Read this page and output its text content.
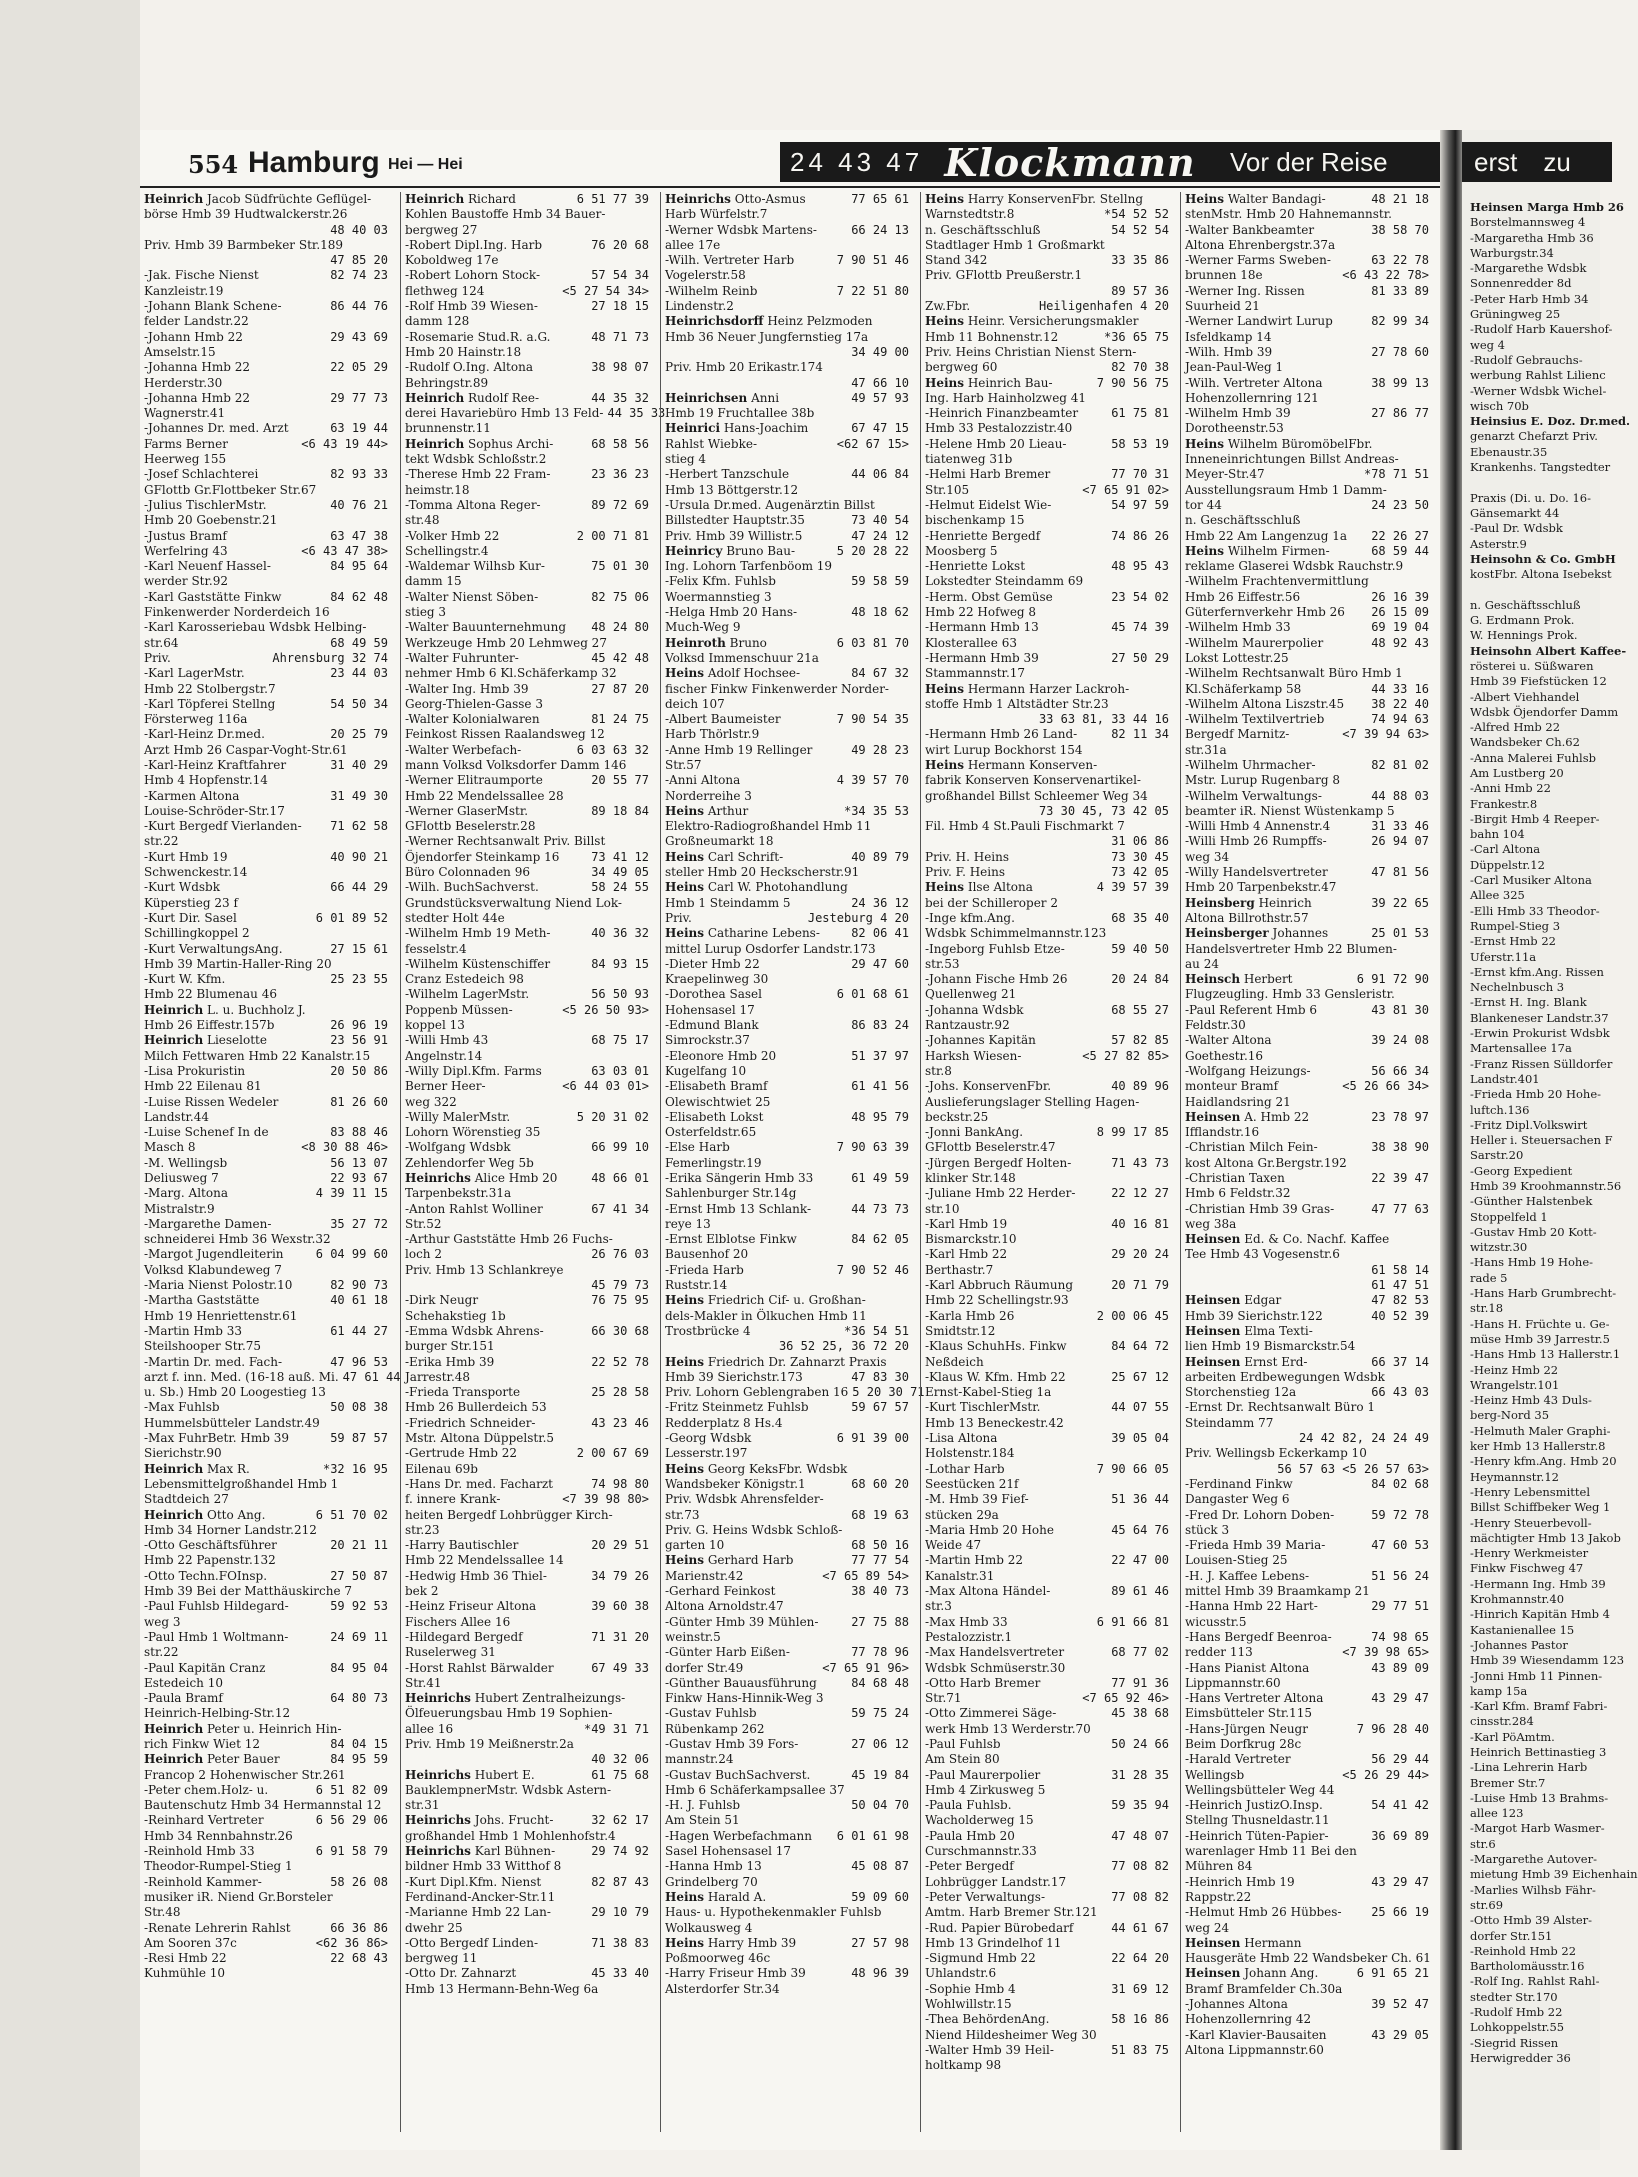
554 Hamburg Hei — Hei	24 43 47 Klockmann	Vor der Reise
Heinrich Jacob Südfrüchte Geflügel-
börse Hmb 39 Hudtwalckerstr.26
48 40 03
Priv. Hmb 39 Barmbeker Str.189
47 85 20
-Jak. Fische Nienst	82 74 23
Kanzleistr.19
-Johann Blank Schene-	86 44 76
felder Landstr.22
-Johann Hmb 22	29 43 69
Amselstr.15
-Johanna Hmb 22	22 05 29
Herderstr.30
-Johanna Hmb 22	29 77 73
Wagnerstr.41
-Johannes Dr. med. Arzt	63 19 44
Farms Berner	<6 43 19 44>
Heerweg 155
-Josef Schlachterei	82 93 33
GFlottb Gr.Flottbeker Str.67
-Julius TischlerMstr.	40 76 21
Hmb 20 Goebenstr.21
-Justus Bramf	63 47 38
Werfelring 43	<6 43 47 38>
-Karl Neuenf Hassel-	84 95 64
werder Str.92
-Karl Gaststätte Finkw	84 62 48
Finkenwerder Norderdeich 16
-Karl Karosseriebau Wdsbk Helbing-
str.64	68 49 59
Priv.	Ahrensburg 32 74
-Karl LagerMstr.	23 44 03
Hmb 22 Stolbergstr.7
-Karl Töpferei Stellng	54 50 34
Försterweg 116a
-Karl-Heinz Dr.med.	20 25 79
Arzt Hmb 26 Caspar-Voght-Str.61
-Karl-Heinz Kraftfahrer	31 40 29
Hmb 4 Hopfenstr.14
-Karmen Altona	31 49 30
Louise-Schröder-Str.17
-Kurt Bergedf Vierlanden-	71 62 58
str.22
-Kurt Hmb 19	40 90 21
Schwenckestr.14
-Kurt Wdsbk	66 44 29
Küperstieg 23 f
-Kurt Dir. Sasel	6 01 89 52
Schillingkoppel 2
-Kurt VerwaltungsAng.	27 15 61
Hmb 39 Martin-Haller-Ring 20
-Kurt W. Kfm.	25 23 55
Hmb 22 Blumenau 46
Heinrich L. u. Buchholz J.
Hmb 26 Eiffestr.157b	26 96 19
Heinrich Lieselotte	23 56 91
Milch Fettwaren Hmb 22 Kanalstr.15
-Lisa Prokuristin	20 50 86
Hmb 22 Eilenau 81
-Luise Rissen Wedeler	81 26 60
Landstr.44
-Luise Schenef In de	83 88 46
Masch 8	<8 30 88 46>
-M. Wellingsb	56 13 07
Deliusweg 7	22 93 67
-Marg. Altona	4 39 11 15
Mistralstr.9
-Margarethe Damen-	35 27 72
schneiderei Hmb 36 Wexstr.32
-Margot Jugendleiterin	6 04 99 60
Volksd Klabundeweg 7
-Maria Nienst Polostr.10	82 90 73
-Martha Gaststätte	40 61 18
Hmb 19 Henriettenstr.61
-Martin Hmb 33	61 44 27
Steilshooper Str.75
-Martin Dr. med. Fach-	47 96 53
arzt f. inn. Med. (16-18 auß. Mi. 47 61 44
u. Sb.) Hmb 20 Loogestieg 13
-Max Fuhlsb	50 08 38
Hummelsbütteler Landstr.49
-Max FuhrBetr. Hmb 39	59 87 57
Sierichstr.90
Heinrich Max R.	*32 16 95
Lebensmittelgroßhandel Hmb 1
Stadtdeich 27
Heinrich Otto Ang.	6 51 70 02
Hmb 34 Horner Landstr.212
-Otto Geschäftsführer	20 21 11
Hmb 22 Papenstr.132
-Otto Techn.FOInsp.	27 50 87
Hmb 39 Bei der Matthäuskirche 7
-Paul Fuhlsb Hildegard-	59 92 53
weg 3
-Paul Hmb 1 Woltmann-	24 69 11
str.22
-Paul Kapitän Cranz	84 95 04
Estedeich 10
-Paula Bramf	64 80 73
Heinrich-Helbing-Str.12
Heinrich Peter u. Heinrich Hin-
rich Finkw Wiet 12	84 04 15
Heinrich Peter Bauer	84 95 59
Francop 2 Hohenwischer Str.261
-Peter chem.Holz- u.	6 51 82 09
Bautenschutz Hmb 34 Hermannstal 12
-Reinhard Vertreter	6 56 29 06
Hmb 34 Rennbahnstr.26
-Reinhold Hmb 33	6 91 58 79
Theodor-Rumpel-Stieg 1
-Reinhold Kammer-	58 26 08
musiker iR. Niend Gr.Borsteler
Str.48
-Renate Lehrerin Rahlst	66 36 86
Am Sooren 37c	<62 36 86>
-Resi Hmb 22	22 68 43
Kuhmühle 10
Heinrich Richard	6 51 77 39
Kohlen Baustoffe Hmb 34 Bauer-
bergweg 27
-Robert Dipl.Ing. Harb	76 20 68
Koboldweg 17e
-Robert Lohorn Stock-	57 54 34
flethweg 124	<5 27 54 34>
-Rolf Hmb 39 Wiesen-	27 18 15
damm 128
-Rosemarie Stud.R. a.G.	48 71 73
Hmb 20 Hainstr.18
-Rudolf O.Ing. Altona	38 98 07
Behringstr.89
Heinrich Rudolf Ree-	44 35 32
derei Havariebüro Hmb 13 Feld- 44 35 33
brunnenstr.11
Heinrich Sophus Archi-	68 58 56
tekt Wdsbk Schloßstr.2
-Therese Hmb 22 Fram-	23 36 23
heimstr.18
-Tomma Altona Reger-	89 72 69
str.48
-Volker Hmb 22	2 00 71 81
Schellingstr.4
-Waldemar Wilhsb Kur-	75 01 30
damm 15
-Walter Nienst Söben-	82 75 06
stieg 3
-Walter Bauunternehmung	48 24 80
Werkzeuge Hmb 20 Lehmweg 27
-Walter Fuhrunter-	45 42 48
nehmer Hmb 6 Kl.Schäferkamp 32
-Walter Ing. Hmb 39	27 87 20
Georg-Thielen-Gasse 3
-Walter Kolonialwaren	81 24 75
Feinkost Rissen Raalandsweg 12
-Walter Werbefach-	6 03 63 32
mann Volksd Volksdorfer Damm 146
-Werner Elitraumporte	20 55 77
Hmb 22 Mendelssallee 28
-Werner GlaserMstr.	89 18 84
GFlottb Beselerstr.28
-Werner Rechtsanwalt Priv. Billst
Öjendorfer Steinkamp 16	73 41 12
Büro Colonnaden 96	34 49 05
-Wilh. BuchSachverst.	58 24 55
Grundstücksverwaltung Niend Lok-
stedter Holt 44e
-Wilhelm Hmb 19 Meth-	40 36 32
fesselstr.4
-Wilhelm Küstenschiffer	84 93 15
Cranz Estedeich 98
-Wilhelm LagerMstr.	56 50 93
Poppenb Müssen-	<5 26 50 93>
koppel 13
-Willi Hmb 43	68 75 17
Angelnstr.14
-Willy Dipl.Kfm. Farms	63 03 01
Berner Heer-	<6 44 03 01>
weg 322
-Willy MalerMstr.	5 20 31 02
Lohorn Wörenstieg 35
-Wolfgang Wdsbk	66 99 10
Zehlendorfer Weg 5b
Heinrichs Alice Hmb 20	48 66 01
Tarpenbekstr.31a
-Anton Rahlst Wolliner	67 41 34
Str.52
-Arthur Gaststätte Hmb 26 Fuchs-
loch 2	26 76 03
Priv. Hmb 13 Schlankreye
45 79 73
-Dirk Neugr	76 75 95
Schehakstieg 1b
-Emma Wdsbk Ahrens-	66 30 68
burger Str.151
-Erika Hmb 39	22 52 78
Jarrestr.48
-Frieda Transporte	25 28 58
Hmb 26 Bullerdeich 53
-Friedrich Schneider-	43 23 46
Mstr. Altona Düppelstr.5
-Gertrude Hmb 22	2 00 67 69
Eilenau 69b
-Hans Dr. med. Facharzt	74 98 80
f. innere Krank-	<7 39 98 80>
heiten Bergedf Lohbrügger Kirch-
str.23
-Harry Bautischler	20 29 51
Hmb 22 Mendelssallee 14
-Hedwig Hmb 36 Thiel-	34 79 26
bek 2
-Heinz Friseur Altona	39 60 38
Fischers Allee 16
-Hildegard Bergedf	71 31 20
Ruselerweg 31
-Horst Rahlst Bärwalder	67 49 33
Str.41
Heinrichs Hubert Zentralheizungs-
Ölfeuerungsbau Hmb 19 Sophien-
allee 16	*49 31 71
Priv. Hmb 19 Meißnerstr.2a
40 32 06
Heinrichs Hubert E.	61 75 68
BauklempnerMstr. Wdsbk Astern-
str.31
Heinrichs Johs. Frucht-	32 62 17
großhandel Hmb 1 Mohlenhofstr.4
Heinrichs Karl Bühnen-	29 74 92
bildner Hmb 33 Witthof 8
-Kurt Dipl.Kfm. Nienst	82 87 43
Ferdinand-Ancker-Str.11
-Marianne Hmb 22 Lan-	29 10 79
dwehr 25
-Otto Bergedf Linden-	71 38 83
bergweg 11
-Otto Dr. Zahnarzt	45 33 40
Hmb 13 Hermann-Behn-Weg 6a
Heinrichs Otto-Asmus	77 65 61
Harb Würfelstr.7
-Werner Wdsbk Martens-	66 24 13
allee 17e
-Wilh. Vertreter Harb	7 90 51 46
Vogelerstr.58
-Wilhelm Reinb	7 22 51 80
Lindenstr.2
Heinrichsdorff Heinz Pelzmoden
Hmb 36 Neuer Jungfernstieg 17a
34 49 00
Priv. Hmb 20 Erikastr.174
47 66 10
Heinrichsen Anni	49 57 93
Hmb 19 Fruchtallee 38b
Heinrici Hans-Joachim	67 47 15
Rahlst Wiebke-	<62 67 15>
stieg 4
-Herbert Tanzschule	44 06 84
Hmb 13 Böttgerstr.12
-Ursula Dr.med. Augenärztin Billst
Billstedter Hauptstr.35	73 40 54
Priv. Hmb 39 Willistr.5	47 24 12
Heinricy Bruno Bau-	5 20 28 22
Ing. Lohorn Tarfenböom 19
-Felix Kfm. Fuhlsb	59 58 59
Woermannstieg 3
-Helga Hmb 20 Hans-	48 18 62
Much-Weg 9
Heinroth Bruno	6 03 81 70
Volksd Immenschuur 21a
Heins Adolf Hochsee-	84 67 32
fischer Finkw Finkenwerder Norder-
deich 107
-Albert Baumeister	7 90 54 35
Harb Thörlstr.9
-Anne Hmb 19 Rellinger	49 28 23
Str.57
-Anni Altona	4 39 57 70
Norderreihe 3
Heins Arthur	*34 35 53
Elektro-Radiogroßhandel Hmb 11
Großneumarkt 18
Heins Carl Schrift-	40 89 79
steller Hmb 20 Heckscherstr.91
Heins Carl W. Photohandlung
Hmb 1 Steindamm 5	24 36 12
Priv.	Jesteburg 4 20
Heins Catharine Lebens-	82 06 41
mittel Lurup Osdorfer Landstr.173
-Dieter Hmb 22	29 47 60
Kraepelinweg 30
-Dorothea Sasel	6 01 68 61
Hohensasel 17
-Edmund Blank	86 83 24
Simrockstr.37
-Eleonore Hmb 20	51 37 97
Kugelfang 10
-Elisabeth Bramf	61 41 56
Olewischtwiet 25
-Elisabeth Lokst	48 95 79
Osterfeldstr.65
-Else Harb	7 90 63 39
Femerlingstr.19
-Erika Sängerin Hmb 33	61 49 59
Sahlenburger Str.14g
-Ernst Hmb 13 Schlank-	44 73 73
reye 13
-Ernst Elblotse Finkw	84 62 05
Bausenhof 20
-Frieda Harb	7 90 52 46
Ruststr.14
Heins Friedrich Cif- u. Großhan-
dels-Makler in Ölkuchen Hmb 11
Trostbrücke 4	*36 54 51
36 52 25, 36 72 20
Heins Friedrich Dr. Zahnarzt Praxis
Hmb 39 Sierichstr.173	47 83 30
Priv. Lohorn Geblengraben 16 5 20 30 71
-Fritz Steinmetz Fuhlsb	59 67 57
Redderplatz 8 Hs.4
-Georg Wdsbk	6 91 39 00
Lesserstr.197
Heins Georg KeksFbr. Wdsbk
Wandsbeker Königstr.1	68 60 20
Priv. Wdsbk Ahrensfelder-
str.73	68 19 63
Priv. G. Heins Wdsbk Schloß-
garten 10	68 50 16
Heins Gerhard Harb	77 77 54
Marienstr.42	<7 65 89 54>
-Gerhard Feinkost	38 40 73
Altona Arnoldstr.47
-Günter Hmb 39 Mühlen-	27 75 88
weinstr.5
-Günter Harb Eißen-	77 78 96
dorfer Str.49	<7 65 91 96>
-Günther Bauausführung	84 68 48
Finkw Hans-Hinnik-Weg 3
-Gustav Fuhlsb	59 75 24
Rübenkamp 262
-Gustav Hmb 39 Fors-	27 06 12
mannstr.24
-Gustav BuchSachverst.	45 19 84
Hmb 6 Schäferkampsallee 37
-H. J. Fuhlsb	50 04 70
Am Stein 51
-Hagen Werbefachmann	6 01 61 98
Sasel Hohensasel 17
-Hanna Hmb 13	45 08 87
Grindelberg 70
Heins Harald A.	59 09 60
Haus- u. Hypothekenmakler Fuhlsb
Wolkausweg 4
Heins Harry Hmb 39	27 57 98
Poßmoorweg 46c
-Harry Friseur Hmb 39	48 96 39
Alsterdorfer Str.34
Heins Harry KonservenFbr. Stellng
Warnstedtstr.8	*54 52 52
n. Geschäftsschluß	54 52 54
Stadtlager Hmb 1 Großmarkt
Stand 342	33 35 86
Priv. GFlottb Preußerstr.1
89 57 36
Zw.Fbr.	Heiligenhafen 4 20
Heins Heinr. Versicherungsmakler
Hmb 11 Bohnenstr.12	*36 65 75
Priv. Heins Christian Nienst Stern-
bergweg 60	82 70 38
Heins Heinrich Bau-	7 90 56 75
Ing. Harb Hainholzweg 41
-Heinrich Finanzbeamter	61 75 81
Hmb 33 Pestalozzistr.40
-Helene Hmb 20 Lieau-	58 53 19
tiatenweg 31b
-Helmi Harb Bremer	77 70 31
Str.105	<7 65 91 02>
-Helmut Eidelst Wie-	54 97 59
bischenkamp 15
-Henriette Bergedf	74 86 26
Moosberg 5
-Henriette Lokst	48 95 43
Lokstedter Steindamm 69
-Herm. Obst Gemüse	23 54 02
Hmb 22 Hofweg 8
-Hermann Hmb 13	45 74 39
Klosterallee 63
-Hermann Hmb 39	27 50 29
Stammannstr.17
Heins Hermann Harzer Lackroh-
stoffe Hmb 1 Altstädter Str.23
33 63 81, 33 44 16
-Hermann Hmb 26 Land-	82 11 34
wirt Lurup Bockhorst 154
Heins Hermann Konserven-
fabrik Konserven Konservenartikel-
großhandel Billst Schleemer Weg 34
73 30 45, 73 42 05
Fil. Hmb 4 St.Pauli Fischmarkt 7
31 06 86
Priv. H. Heins	73 30 45
Priv. F. Heins	73 42 05
Heins Ilse Altona	4 39 57 39
bei der Schilleroper 2
-Inge kfm.Ang.	68 35 40
Wdsbk Schimmelmannstr.123
-Ingeborg Fuhlsb Etze-	59 40 50
str.53
-Johann Fische Hmb 26	20 24 84
Quellenweg 21
-Johanna Wdsbk	68 55 27
Rantzaustr.92
-Johannes Kapitän	57 82 85
Harksh Wiesen-	<5 27 82 85>
str.8
-Johs. KonservenFbr.	40 89 96
Auslieferungslager Stelling Hagen-
beckstr.25
-Jonni BankAng.	8 99 17 85
GFlottb Beselerstr.47
-Jürgen Bergedf Holten-	71 43 73
klinker Str.148
-Juliane Hmb 22 Herder-	22 12 27
str.10
-Karl Hmb 19	40 16 81
Bismarckstr.10
-Karl Hmb 22	29 20 24
Berthastr.7
-Karl Abbruch Räumung	20 71 79
Hmb 22 Schellingstr.93
-Karla Hmb 26	2 00 06 45
Smidtstr.12
-Klaus SchuhHs. Finkw	84 64 72
Neßdeich
-Klaus W. Kfm. Hmb 22	25 67 12
Ernst-Kabel-Stieg 1a
-Kurt TischlerMstr.	44 07 55
Hmb 13 Beneckestr.42
-Lisa Altona	39 05 04
Holstenstr.184
-Lothar Harb	7 90 66 05
Seestücken 21f
-M. Hmb 39 Fief-	51 36 44
stücken 29a
-Maria Hmb 20 Hohe	45 64 76
Weide 47
-Martin Hmb 22	22 47 00
Kanalstr.31
-Max Altona Händel-	89 61 46
str.3
-Max Hmb 33	6 91 66 81
Pestalozzistr.1
-Max Handelsvertreter	68 77 02
Wdsbk Schmüserstr.30
-Otto Harb Bremer	77 91 36
Str.71	<7 65 92 46>
-Otto Zimmerei Säge-	45 38 68
werk Hmb 13 Werderstr.70
-Paul Fuhlsb	50 24 66
Am Stein 80
-Paul Maurerpolier	31 28 35
Hmb 4 Zirkusweg 5
-Paula Fuhlsb.	59 35 94
Wacholderweg 15
-Paula Hmb 20	47 48 07
Curschmannstr.33
-Peter Bergedf	77 08 82
Lohbrügger Landstr.17
-Peter Verwaltungs-	77 08 82
Amtm. Harb Bremer Str.121
-Rud. Papier Bürobedarf	44 61 67
Hmb 13 Grindelhof 11
-Sigmund Hmb 22	22 64 20
Uhlandstr.6
-Sophie Hmb 4	31 69 12
Wohlwillstr.15
-Thea BehördenAng.	58 16 86
Niend Hildesheimer Weg 30
-Walter Hmb 39 Heil-	51 83 75
holtkamp 98
Heins Walter Bandagi-	48 21 18
stenMstr. Hmb 20 Hahnemannstr.
-Walter Bankbeamter	38 58 70
Altona Ehrenbergstr.37a
-Werner Farms Sweben-	63 22 78
brunnen 18e	<6 43 22 78>
-Werner Ing. Rissen	81 33 89
Suurheid 21
-Werner Landwirt Lurup	82 99 34
Isfeldkamp 14
-Wilh. Hmb 39	27 78 60
Jean-Paul-Weg 1
-Wilh. Vertreter Altona	38 99 13
Hohenzollernring 121
-Wilhelm Hmb 39	27 86 77
Dorotheenstr.53
Heins Wilhelm BüromöbelFbr.
Inneneinrichtungen Billst Andreas-
Meyer-Str.47	*78 71 51
Ausstellungsraum Hmb 1 Damm-
tor 44	24 23 50
n. Geschäftsschluß
Hmb 22 Am Langenzug 1a	22 26 27
Heins Wilhelm Firmen-	68 59 44
reklame Glaserei Wdsbk Rauchstr.9
-Wilhelm Frachtenvermittlung
Hmb 26 Eiffestr.56	26 16 39
Güterfernverkehr Hmb 26	26 15 09
-Wilhelm Hmb 33	69 19 04
-Wilhelm Maurerpolier	48 92 43
Lokst Lottestr.25
-Wilhelm Rechtsanwalt Büro Hmb 1
Kl.Schäferkamp 58	44 33 16
-Wilhelm Altona Liszstr.45	38 22 40
-Wilhelm Textilvertrieb	74 94 63
Bergedf Marnitz-	<7 39 94 63>
str.31a
-Wilhelm Uhrmacher-	82 81 02
Mstr. Lurup Rugenbarg 8
-Wilhelm Verwaltungs-	44 88 03
beamter iR. Nienst Wüstenkamp 5
-Willi Hmb 4 Annenstr.4	31 33 46
-Willi Hmb 26 Rumpffs-	26 94 07
weg 34
-Willy Handelsvertreter	47 81 56
Hmb 20 Tarpenbekstr.47
Heinsberg Heinrich	39 22 65
Altona Billrothstr.57
Heinsberger Johannes	25 01 53
Handelsvertreter Hmb 22 Blumen-
au 24
Heinsch Herbert	6 91 72 90
Flugzeugling. Hmb 33 Gensleristr.
-Paul Referent Hmb 6	43 81 30
Feldstr.30
-Walter Altona	39 24 08
Goethestr.16
-Wolfgang Heizungs-	56 66 34
monteur Bramf	<5 26 66 34>
Haidlandsring 21
Heinsen A. Hmb 22	23 78 97
Ifflandstr.16
-Christian Milch Fein-	38 38 90
kost Altona Gr.Bergstr.192
-Christian Taxen	22 39 47
Hmb 6 Feldstr.32
-Christian Hmb 39 Gras-	47 77 63
weg 38a
Heinsen Ed. & Co. Nachf. Kaffee
Tee Hmb 43 Vogesenstr.6
61 58 14
61 47 51
Heinsen Edgar	47 82 53
Hmb 39 Sierichstr.122	40 52 39
Heinsen Elma Texti-
lien Hmb 19 Bismarckstr.54
Heinsen Ernst Erd-	66 37 14
arbeiten Erdbewegungen Wdsbk
Storchenstieg 12a	66 43 03
-Ernst Dr. Rechtsanwalt Büro 1
Steindamm 77
24 42 82, 24 24 49
Priv. Wellingsb Eckerkamp 10
56 57 63 <5 26 57 63>
-Ferdinand Finkw	84 02 68
Dangaster Weg 6
-Fred Dr. Lohorn Doben-	59 72 78
stück 3
-Frieda Hmb 39 Maria-	47 60 53
Louisen-Stieg 25
-H. J. Kaffee Lebens-	51 56 24
mittel Hmb 39 Braamkamp 21
-Hanna Hmb 22 Hart-	29 77 51
wicusstr.5
-Hans Bergedf Beenroa-	74 98 65
redder 113	<7 39 98 65>
-Hans Pianist Altona	43 89 09
Lippmannstr.60
-Hans Vertreter Altona	43 29 47
Eimsbütteler Str.115
-Hans-Jürgen Neugr	7 96 28 40
Beim Dorfkrug 28c
-Harald Vertreter	56 29 44
Wellingsb	<5 26 29 44>
Wellingsbütteler Weg 44
-Heinrich JustizO.Insp.	54 41 42
Stellng Thusneldastr.11
-Heinrich Tüten-Papier-	36 69 89
warenlager Hmb 11 Bei den
Mühren 84
-Heinrich Hmb 19	43 29 47
Rappstr.22
-Helmut Hmb 26 Hübbes-	25 66 19
weg 24
Heinsen Hermann
Hausgeräte Hmb 22 Wandsbeker Ch. 61
Heinsen Johann Ang.	6 91 65 21
Bramf Bramfelder Ch.30a
-Johannes Altona	39 52 47
Hohenzollernring 42
-Karl Klavier-Bausaiten	43 29 05
Altona Lippmannstr.60
erst zu
Heinsen Marga Hmb 26
Borstelmannsweg 4
-Margaretha Hmb 36
Warburgstr.34
-Margarethe Wdsbk
Sonnenredder 8d
-Peter Harb Hmb 34
Grüningweg 25
-Rudolf Harb Kauershof-
weg 4
-Rudolf Gebrauchs-
werbung Rahlst Lilienc
-Werner Wdsbk Wichel-
wisch 70b
Heinsius E. Doz. Dr.med.
genarzt Chefarzt Priv.
Ebenaustr.35
Krankenhs. Tangstedter

Praxis (Di. u. Do. 16-
Gänsemarkt 44
-Paul Dr. Wdsbk
Asterstr.9
Heinsohn & Co. GmbH
kostFbr. Altona Isebekst

n. Geschäftsschluß
G. Erdmann Prok.
W. Hennings Prok.
Heinsohn Albert Kaffee-
rösterei u. Süßwaren
Hmb 39 Fiefstücken 12
-Albert Viehhandel
Wdsbk Öjendorfer Damm
-Alfred Hmb 22
Wandsbeker Ch.62
-Anna Malerei Fuhlsb
Am Lustberg 20
-Anni Hmb 22
Frankestr.8
-Birgit Hmb 4 Reeper-
bahn 104
-Carl Altona
Düppelstr.12
-Carl Musiker Altona
Allee 325
-Elli Hmb 33 Theodor-
Rumpel-Stieg 3
-Ernst Hmb 22
Uferstr.11a
-Ernst kfm.Ang. Rissen
Nechelnbusch 3
-Ernst H. Ing. Blank
Blankeneser Landstr.37
-Erwin Prokurist Wdsbk
Martensallee 17a
-Franz Rissen Sülldorfer
Landstr.401
-Frieda Hmb 20 Hohe-
luftch.136
-Fritz Dipl.Volkswirt
Heller i. Steuersachen F
Sarstr.20
-Georg Expedient
Hmb 39 Kroohmannstr.56
-Günther Halstenbek
Stoppelfeld 1
-Gustav Hmb 20 Kott-
witzstr.30
-Hans Hmb 19 Hohe-
rade 5
-Hans Harb Grumbrecht-
str.18
-Hans H. Früchte u. Ge-
müse Hmb 39 Jarrestr.5
-Hans Hmb 13 Hallerstr.1
-Heinz Hmb 22
Wrangelstr.101
-Heinz Hmb 43 Duls-
berg-Nord 35
-Helmuth Maler Graphi-
ker Hmb 13 Hallerstr.8
-Henry kfm.Ang. Hmb 20
Heymannstr.12
-Henry Lebensmittel
Billst Schiffbeker Weg 1
-Henry Steuerbevoll-
mächtigter Hmb 13 Jakob
-Henry Werkmeister
Finkw Fischweg 47
-Hermann Ing. Hmb 39
Krohmannstr.40
-Hinrich Kapitän Hmb 4
Kastanienallee 15
-Johannes Pastor
Hmb 39 Wiesendamm 123
-Jonni Hmb 11 Pinnen-
kamp 15a
-Karl Kfm. Bramf Fabri-
cinsstr.284
-Karl PöAmtm.
Heinrich Bettinastieg 3
-Lina Lehrerin Harb
Bremer Str.7
-Luise Hmb 13 Brahms-
allee 123
-Margot Harb Wasmer-
str.6
-Margarethe Autover-
mietung Hmb 39 Eichenhain
-Marlies Wilhsb Fähr-
str.69
-Otto Hmb 39 Alster-
dorfer Str.151
-Reinhold Hmb 22
Bartholomäusstr.16
-Rolf Ing. Rahlst Rahl-
stedter Str.170
-Rudolf Hmb 22
Lohkoppelstr.55
-Siegrid Rissen
Herwigredder 36
